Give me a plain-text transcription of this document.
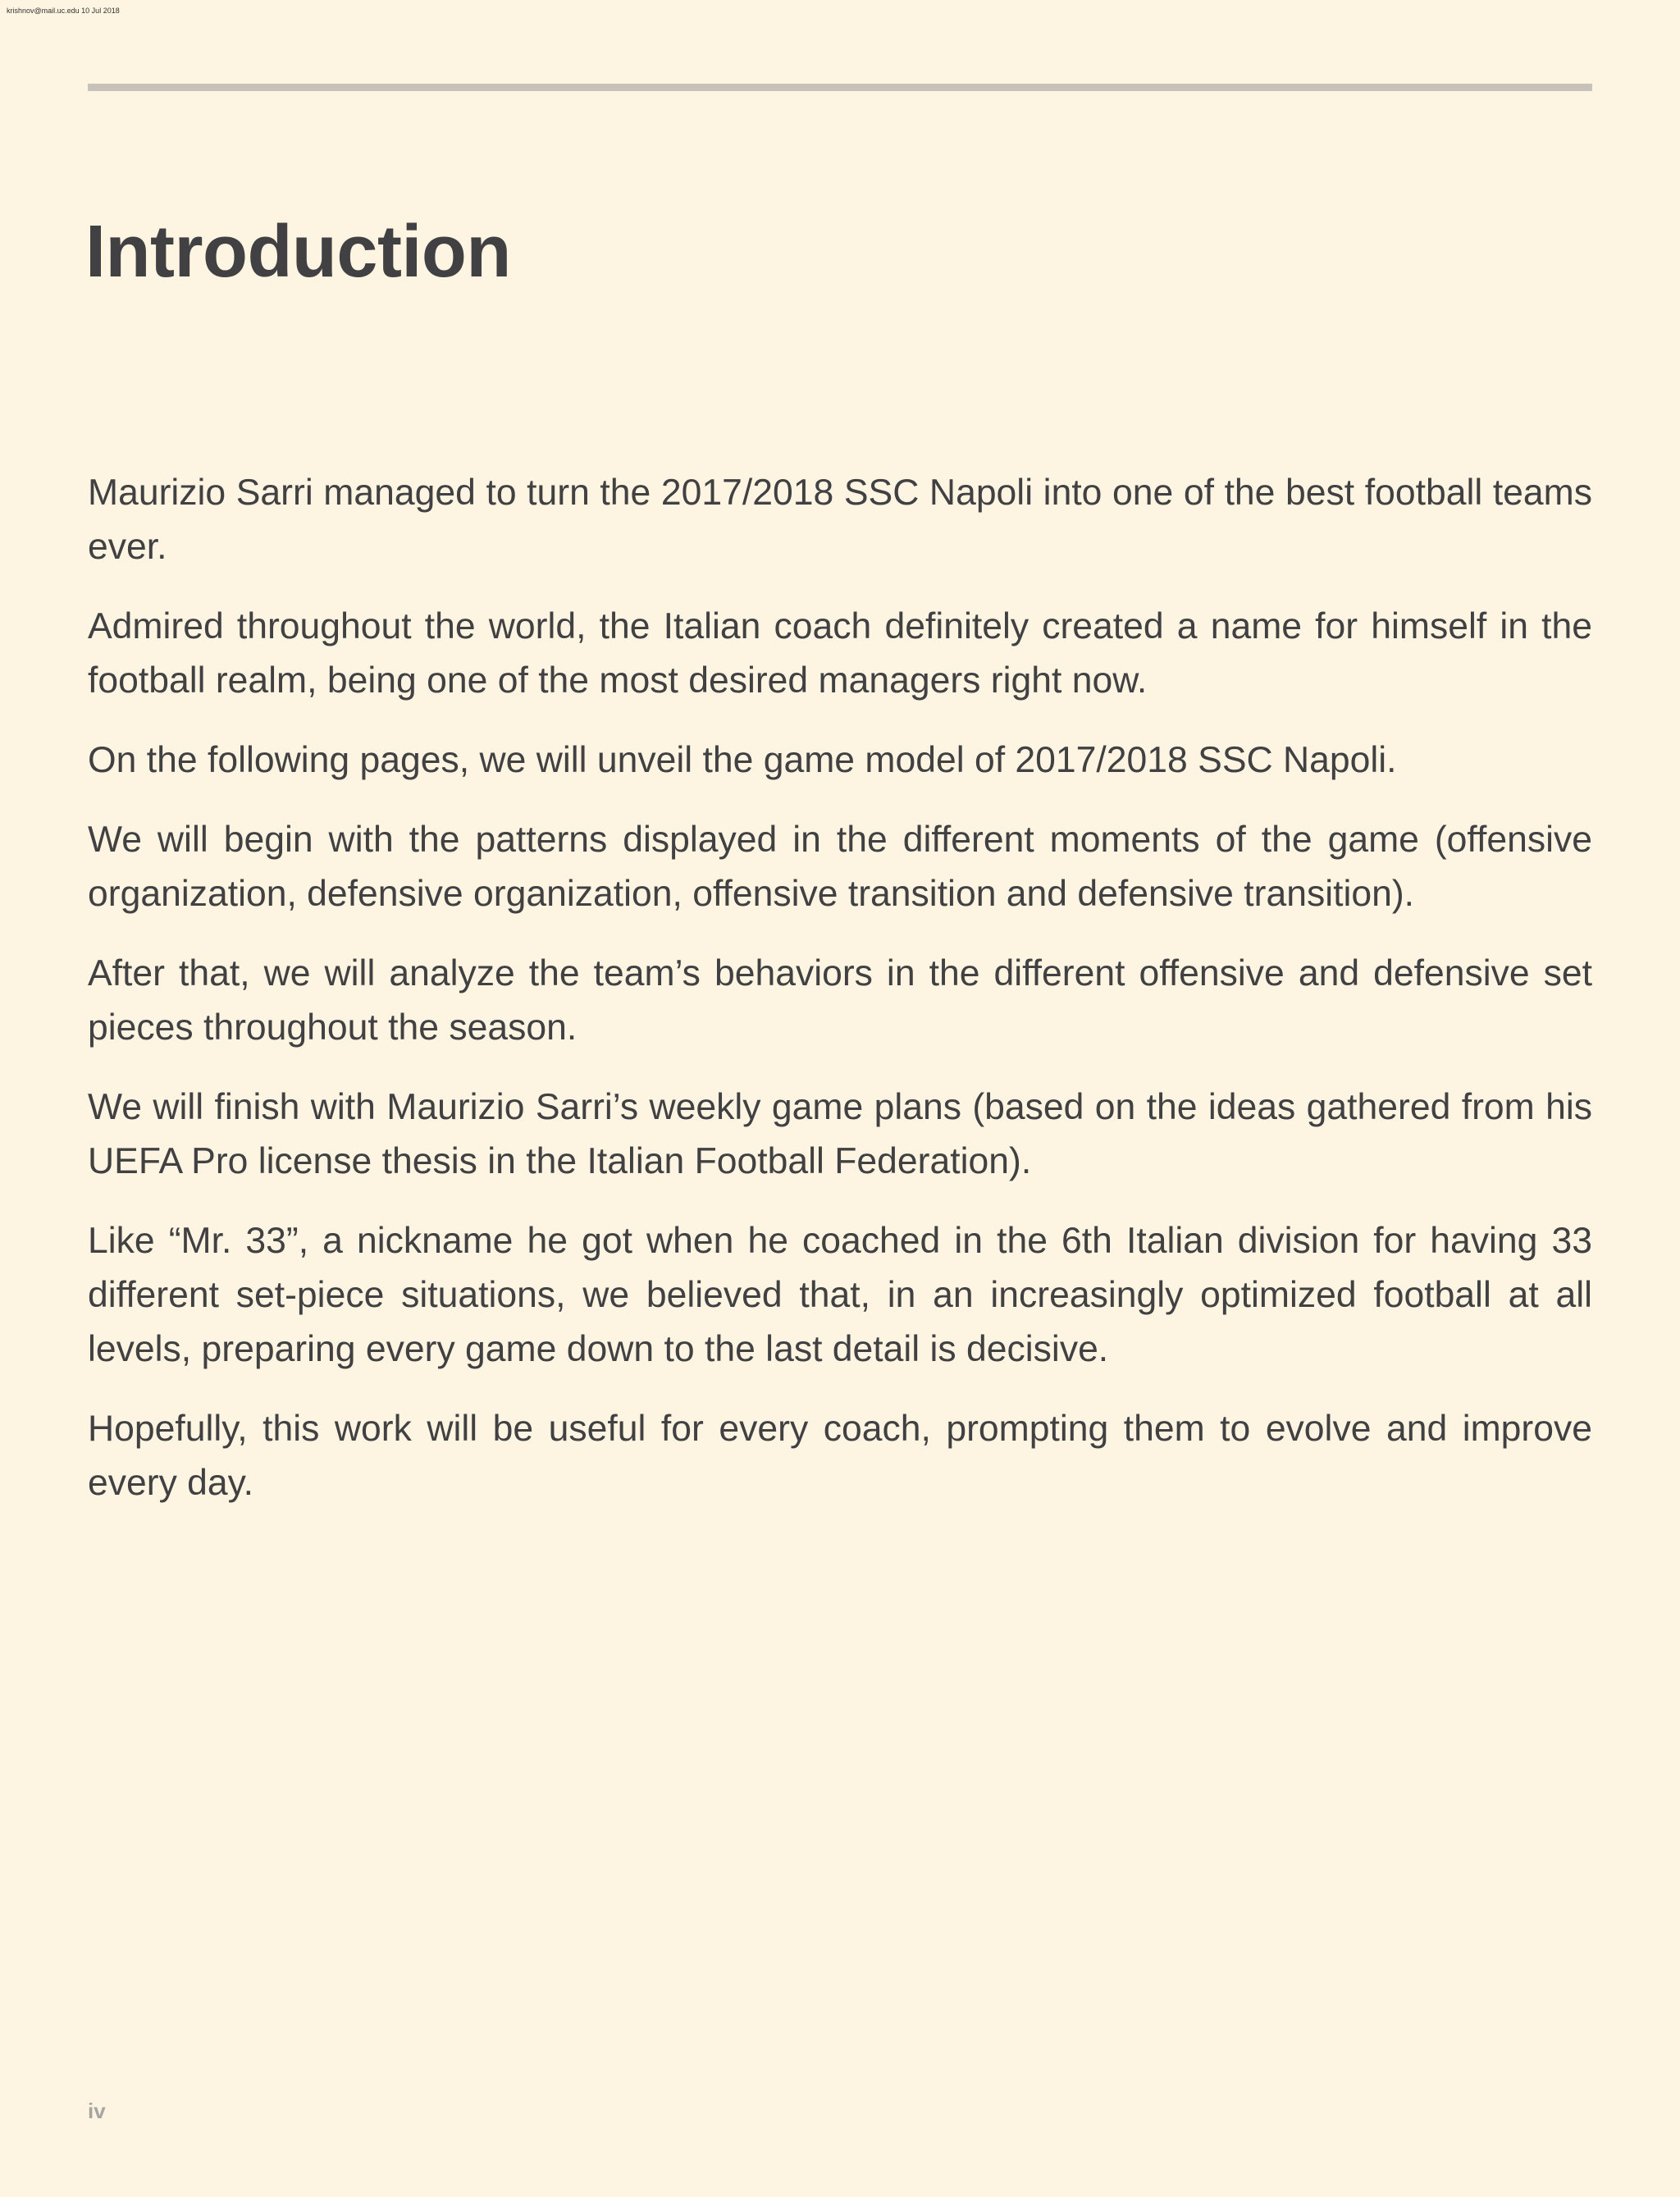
krishnov@mail.uc.edu 10 Jul 2018
Introduction

Maurizio Sarri managed to turn the 2017/2018 SSC Napoli into one of the best football teams ever.

Admired throughout the world, the Italian coach definitely created a name for himself in the football realm, being one of the most desired managers right now.

On the following pages, we will unveil the game model of 2017/2018 SSC Napoli.

We will begin with the patterns displayed in the different moments of the game (offensive organization, defensive organization, offensive transition and defensive transition).

After that, we will analyze the team’s behaviors in the different offensive and defensive set pieces throughout the season.

We will finish with Maurizio Sarri’s weekly game plans (based on the ideas gathered from his UEFA Pro license thesis in the Italian Football Federation).

Like “Mr. 33”, a nickname he got when he coached in the 6th Italian division for having 33 different set-piece situations, we believed that, in an increasingly optimized football at all levels, preparing every game down to the last detail is decisive.

Hopefully, this work will be useful for every coach, prompting them to evolve and improve every day.

iv
